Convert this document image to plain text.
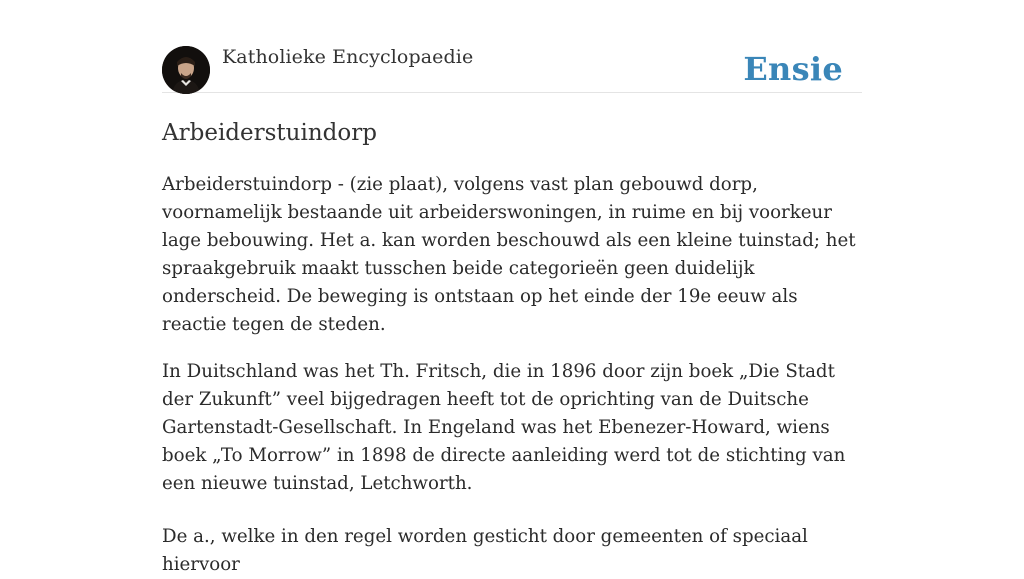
Katholieke Encyclopaedie	Ensie
Arbeiderstuindorp

Arbeiderstuindorp - (zie plaat), volgens vast plan gebouwd dorp, voornamelijk bestaande uit arbeiderswoningen, in ruime en bij voorkeur lage bebouwing. Het a. kan worden beschouwd als een kleine tuinstad; het spraakgebruik maakt tusschen beide categorieën geen duidelijk onderscheid. De beweging is ontstaan op het einde der 19e eeuw als reactie tegen de steden.

In Duitschland was het Th. Fritsch, die in 1896 door zijn boek „Die Stadt der Zukunft” veel bijgedragen heeft tot de oprichting van de Duitsche Gartenstadt-Gesellschaft. In Engeland was het Ebenezer-Howard, wiens boek „To Morrow” in 1898 de directe aanleiding werd tot de stichting van een nieuwe tuinstad, Letchworth.

De a., welke in den regel worden gesticht door gemeenten of speciaal hiervoor
